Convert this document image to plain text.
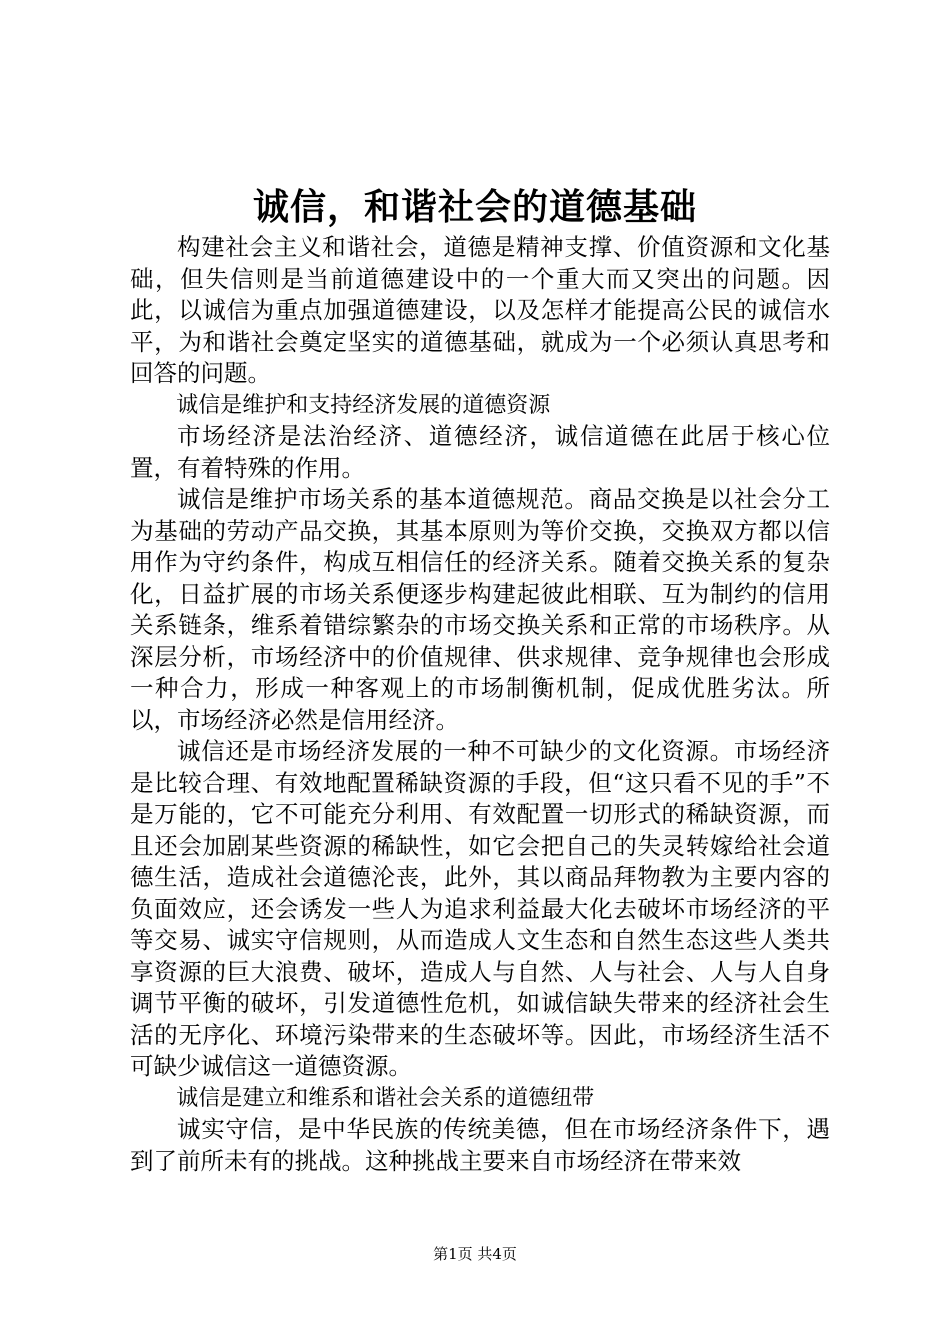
诚信，和谐社会的道德基础

构建社会主义和谐社会，道德是精神支撑、价值资源和文化基础，但失信则是当前道德建设中的一个重大而又突出的问题。因此，以诚信为重点加强道德建设，以及怎样才能提高公民的诚信水平，为和谐社会奠定坚实的道德基础，就成为一个必须认真思考和回答的问题。

诚信是维护和支持经济发展的道德资源

市场经济是法治经济、道德经济，诚信道德在此居于核心位置，有着特殊的作用。

诚信是维护市场关系的基本道德规范。商品交换是以社会分工为基础的劳动产品交换，其基本原则为等价交换，交换双方都以信用作为守约条件，构成互相信任的经济关系。随着交换关系的复杂化，日益扩展的市场关系便逐步构建起彼此相联、互为制约的信用关系链条，维系着错综繁杂的市场交换关系和正常的市场秩序。从深层分析，市场经济中的价值规律、供求规律、竞争规律也会形成一种合力，形成一种客观上的市场制衡机制，促成优胜劣汰。所以，市场经济必然是信用经济。

诚信还是市场经济发展的一种不可缺少的文化资源。市场经济是比较合理、有效地配置稀缺资源的手段，但“这只看不见的手”不是万能的，它不可能充分利用、有效配置一切形式的稀缺资源，而且还会加剧某些资源的稀缺性，如它会把自己的失灵转嫁给社会道德生活，造成社会道德沦丧，此外，其以商品拜物教为主要内容的负面效应，还会诱发一些人为追求利益最大化去破坏市场经济的平等交易、诚实守信规则，从而造成人文生态和自然生态这些人类共享资源的巨大浪费、破坏，造成人与自然、人与社会、人与人自身调节平衡的破坏，引发道德性危机，如诚信缺失带来的经济社会生活的无序化、环境污染带来的生态破坏等。因此，市场经济生活不可缺少诚信这一道德资源。

诚信是建立和维系和谐社会关系的道德纽带

诚实守信，是中华民族的传统美德，但在市场经济条件下，遇到了前所未有的挑战。这种挑战主要来自市场经济在带来效

第1页 共4页
